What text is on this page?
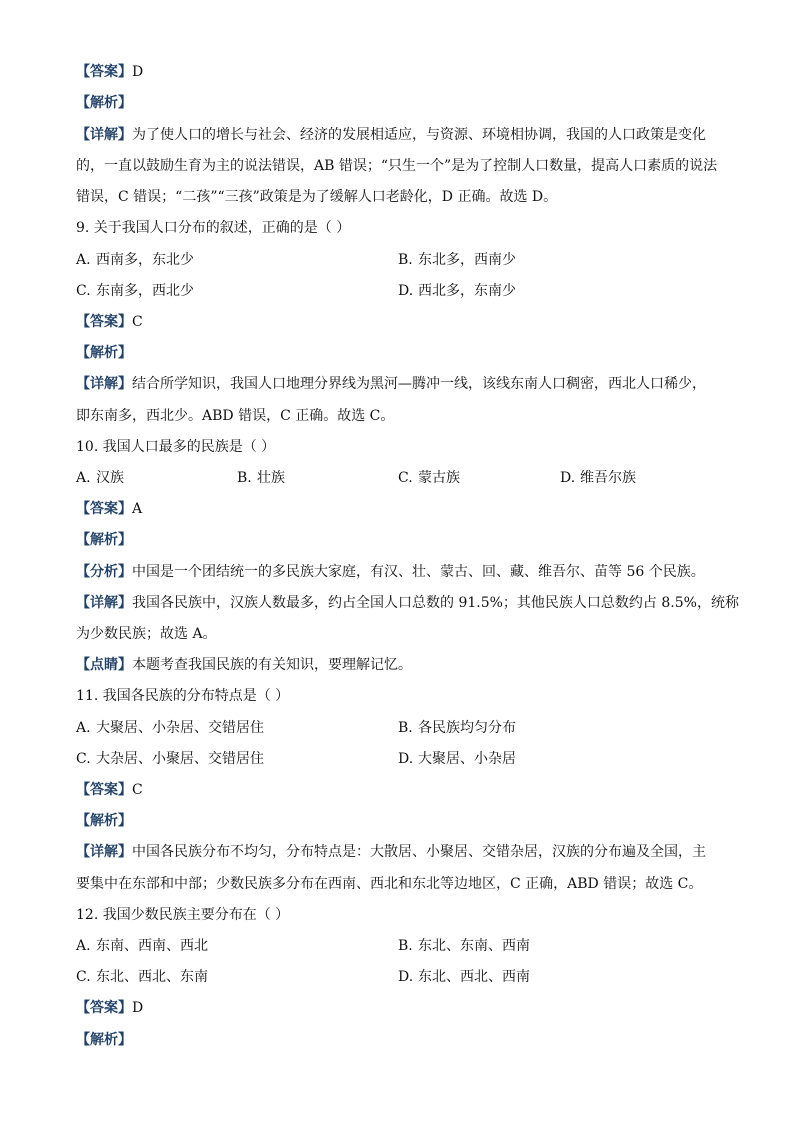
【答案】D
【解析】
【详解】为了使人口的增长与社会、经济的发展相适应，与资源、环境相协调，我国的人口政策是变化
的，一直以鼓励生育为主的说法错误，AB 错误；“只生一个”是为了控制人口数量，提高人口素质的说法
错误，C 错误；“二孩”“三孩”政策是为了缓解人口老龄化，D 正确。故选 D。
9. 关于我国人口分布的叙述，正确的是（ ）
A. 西南多，东北少	B. 东北多，西南少
C. 东南多，西北少	D. 西北多，东南少
【答案】C
【解析】
【详解】结合所学知识，我国人口地理分界线为黑河—腾冲一线，该线东南人口稠密，西北人口稀少，
即东南多，西北少。ABD 错误，C 正确。故选 C。
10. 我国人口最多的民族是（ ）
A. 汉族	B. 壮族	C. 蒙古族	D. 维吾尔族
【答案】A
【解析】
【分析】中国是一个团结统一的多民族大家庭，有汉、壮、蒙古、回、藏、维吾尔、苗等 56 个民族。
【详解】我国各民族中，汉族人数最多，约占全国人口总数的 91.5%；其他民族人口总数约占 8.5%，统称
为少数民族；故选 A。
【点睛】本题考查我国民族的有关知识，要理解记忆。
11. 我国各民族的分布特点是（ ）
A. 大聚居、小杂居、交错居住	B. 各民族均匀分布
C. 大杂居、小聚居、交错居住	D. 大聚居、小杂居
【答案】C
【解析】
【详解】中国各民族分布不均匀，分布特点是：大散居、小聚居、交错杂居，汉族的分布遍及全国，主
要集中在东部和中部；少数民族多分布在西南、西北和东北等边地区，C 正确，ABD 错误；故选 C。
12. 我国少数民族主要分布在（ ）
A. 东南、西南、西北	B. 东北、东南、西南
C. 东北、西北、东南	D. 东北、西北、西南
【答案】D
【解析】
